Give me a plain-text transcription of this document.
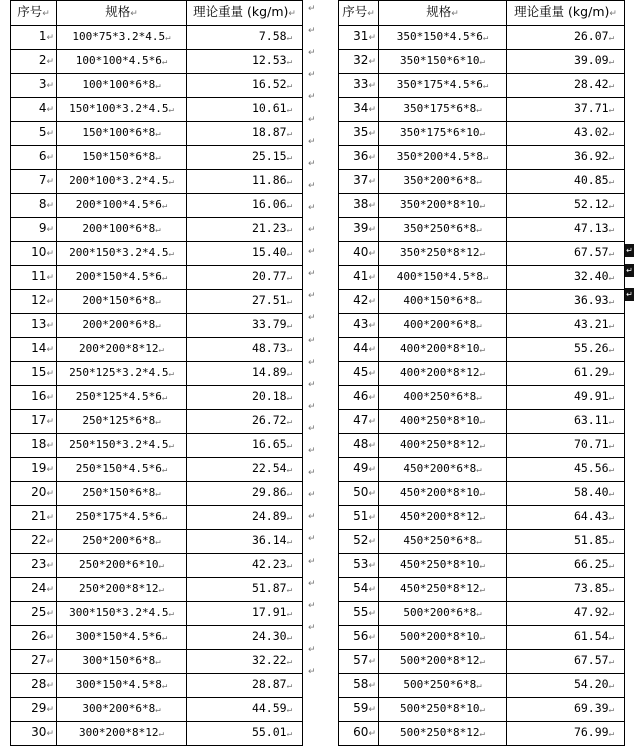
序号↵	规格↵	理论重量 (kg/m)↵
1↵	100*75*3.2*4.5↵	7.58↵
2↵	100*100*4.5*6↵	12.53↵
3↵	100*100*6*8↵	16.52↵
4↵	150*100*3.2*4.5↵	10.61↵
5↵	150*100*6*8↵	18.87↵
6↵	150*150*6*8↵	25.15↵
7↵	200*100*3.2*4.5↵	11.86↵
8↵	200*100*4.5*6↵	16.06↵
9↵	200*100*6*8↵	21.23↵
10↵	200*150*3.2*4.5↵	15.40↵
11↵	200*150*4.5*6↵	20.77↵
12↵	200*150*6*8↵	27.51↵
13↵	200*200*6*8↵	33.79↵
14↵	200*200*8*12↵	48.73↵
15↵	250*125*3.2*4.5↵	14.89↵
16↵	250*125*4.5*6↵	20.18↵
17↵	250*125*6*8↵	26.72↵
18↵	250*150*3.2*4.5↵	16.65↵
19↵	250*150*4.5*6↵	22.54↵
20↵	250*150*6*8↵	29.86↵
21↵	250*175*4.5*6↵	24.89↵
22↵	250*200*6*8↵	36.14↵
23↵	250*200*6*10↵	42.23↵
24↵	250*200*8*12↵	51.87↵
25↵	300*150*3.2*4.5↵	17.91↵
26↵	300*150*4.5*6↵	24.30↵
27↵	300*150*6*8↵	32.22↵
28↵	300*150*4.5*8↵	28.87↵
29↵	300*200*6*8↵	44.59↵
30↵	300*200*8*12↵	55.01↵
↵
↵
↵
↵
↵
↵
↵
↵
↵
↵
↵
↵
↵
↵
↵
↵
↵
↵
↵
↵
↵
↵
↵
↵
↵
↵
↵
↵
↵
↵
↵
序号↵	规格↵	理论重量 (kg/m)↵
31↵	350*150*4.5*6↵	26.07↵
32↵	350*150*6*10↵	39.09↵
33↵	350*175*4.5*6↵	28.42↵
34↵	350*175*6*8↵	37.71↵
35↵	350*175*6*10↵	43.02↵
36↵	350*200*4.5*8↵	36.92↵
37↵	350*200*6*8↵	40.85↵
38↵	350*200*8*10↵	52.12↵
39↵	350*250*6*8↵	47.13↵
40↵	350*250*8*12↵	67.57↵
41↵	400*150*4.5*8↵	32.40↵
42↵	400*150*6*8↵	36.93↵
43↵	400*200*6*8↵	43.21↵
44↵	400*200*8*10↵	55.26↵
45↵	400*200*8*12↵	61.29↵
46↵	400*250*6*8↵	49.91↵
47↵	400*250*8*10↵	63.11↵
48↵	400*250*8*12↵	70.71↵
49↵	450*200*6*8↵	45.56↵
50↵	450*200*8*10↵	58.40↵
51↵	450*200*8*12↵	64.43↵
52↵	450*250*6*8↵	51.85↵
53↵	450*250*8*10↵	66.25↵
54↵	450*250*8*12↵	73.85↵
55↵	500*200*6*8↵	47.92↵
56↵	500*200*8*10↵	61.54↵
57↵	500*200*8*12↵	67.57↵
58↵	500*250*6*8↵	54.20↵
59↵	500*250*8*10↵	69.39↵
60↵	500*250*8*12↵	76.99↵
↵
↵
↵
